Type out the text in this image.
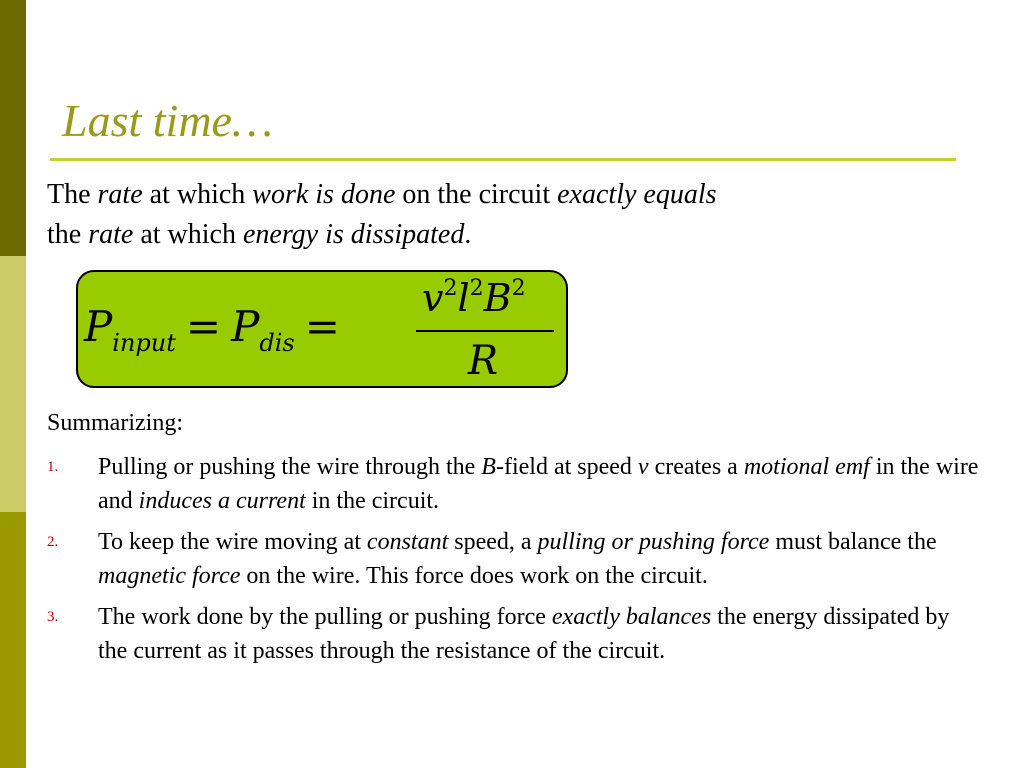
Last time…
The rate at which work is done on the circuit exactly equals
the rate at which energy is dissipated.
$P_{input} = P_{dis}$ =
$v^2l^2B^2$
R
Summarizing:
1. Pulling or pushing the wire through the B-field at speed v creates a motional emf in the wire and induces a current in the circuit.
2. To keep the wire moving at constant speed, a pulling or pushing force must balance the magnetic force on the wire. This force does work on the circuit.
3. The work done by the pulling or pushing force exactly balances the energy dissipated by the current as it passes through the resistance of the circuit.
